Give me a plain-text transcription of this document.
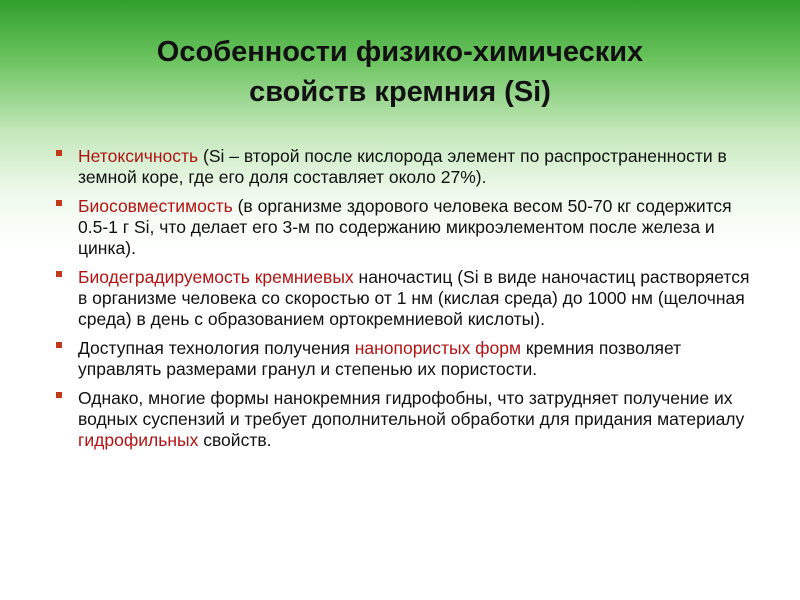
Особенности физико-химических
свойств кремния (Si)
Нетоксичность (Si – второй после кислорода элемент по распространенности в земной коре, где его доля составляет около 27%).
Биосовместимость (в организме здорового человека весом 50-70 кг содержится 0.5-1 г Si, что делает его 3-м по содержанию микроэлементом после железа и цинка).
Биодеградируемость кремниевых наночастиц (Si в виде наночастиц растворяется в организме человека со скоростью от 1 нм (кислая среда) до 1000 нм (щелочная среда) в день с образованием ортокремниевой кислоты).
Доступная технология получения нанопористых форм кремния позволяет управлять размерами гранул и степенью их пористости.
Однако, многие формы нанокремния гидрофобны, что затрудняет получение их водных суспензий и требует дополнительной обработки для придания материалу гидрофильных свойств.
